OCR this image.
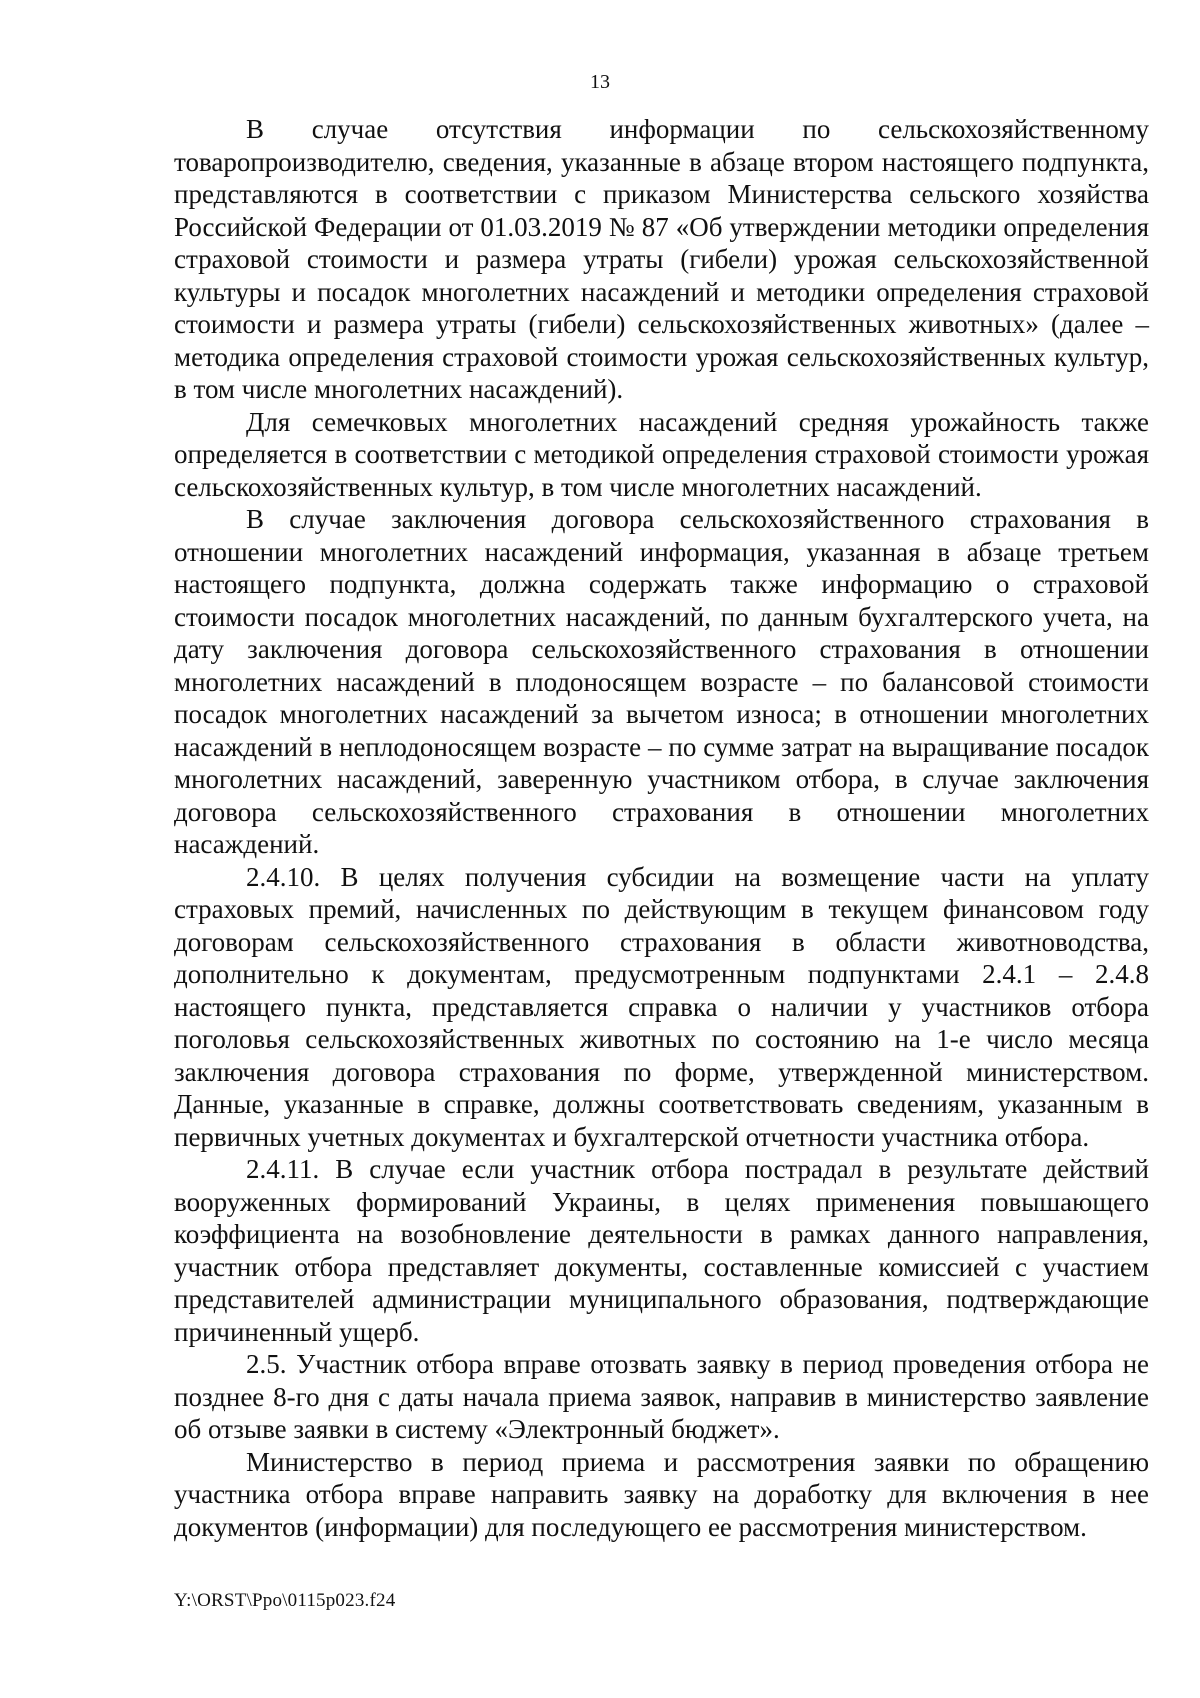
13

В случае отсутствия информации по сельскохозяйственному товаропроизводителю, сведения, указанные в абзаце втором настоящего подпункта, представляются в соответствии с приказом Министерства сельского хозяйства Российской Федерации от 01.03.2019 № 87 «Об утверждении методики определения страховой стоимости и размера утраты (гибели) урожая сельскохозяйственной культуры и посадок многолетних насаждений и методики определения страховой стоимости и размера утраты (гибели) сельскохозяйственных животных» (далее – методика определения страховой стоимости урожая сельскохозяйственных культур, в том числе многолетних насаждений).

Для семечковых многолетних насаждений средняя урожайность также определяется в соответствии с методикой определения страховой стоимости урожая сельскохозяйственных культур, в том числе многолетних насаждений.

В случае заключения договора сельскохозяйственного страхования в отношении многолетних насаждений информация, указанная в абзаце третьем настоящего подпункта, должна содержать также информацию о страховой стоимости посадок многолетних насаждений, по данным бухгалтерского учета, на дату заключения договора сельскохозяйственного страхования в отношении многолетних насаждений в плодоносящем возрасте – по балансовой стоимости посадок многолетних насаждений за вычетом износа; в отношении многолетних насаждений в неплодоносящем возрасте – по сумме затрат на выращивание посадок многолетних насаждений, заверенную участником отбора, в случае заключения договора сельскохозяйственного страхования в отношении многолетних насаждений.

2.4.10. В целях получения субсидии на возмещение части на уплату страховых премий, начисленных по действующим в текущем финансовом году договорам сельскохозяйственного страхования в области животноводства, дополнительно к документам, предусмотренным подпунктами 2.4.1 – 2.4.8 настоящего пункта, представляется справка о наличии у участников отбора поголовья сельскохозяйственных животных по состоянию на 1-е число месяца заключения договора страхования по форме, утвержденной министерством. Данные, указанные в справке, должны соответствовать сведениям, указанным в первичных учетных документах и бухгалтерской отчетности участника отбора.

2.4.11. В случае если участник отбора пострадал в результате действий вооруженных формирований Украины, в целях применения повышающего коэффициента на возобновление деятельности в рамках данного направления, участник отбора представляет документы, составленные комиссией с участием представителей администрации муниципального образования, подтверждающие причиненный ущерб.

2.5. Участник отбора вправе отозвать заявку в период проведения отбора не позднее 8-го дня с даты начала приема заявок, направив в министерство заявление об отзыве заявки в систему «Электронный бюджет».

Министерство в период приема и рассмотрения заявки по обращению участника отбора вправе направить заявку на доработку для включения в нее документов (информации) для последующего ее рассмотрения министерством.

Y:\ORST\Ppo\0115p023.f24
